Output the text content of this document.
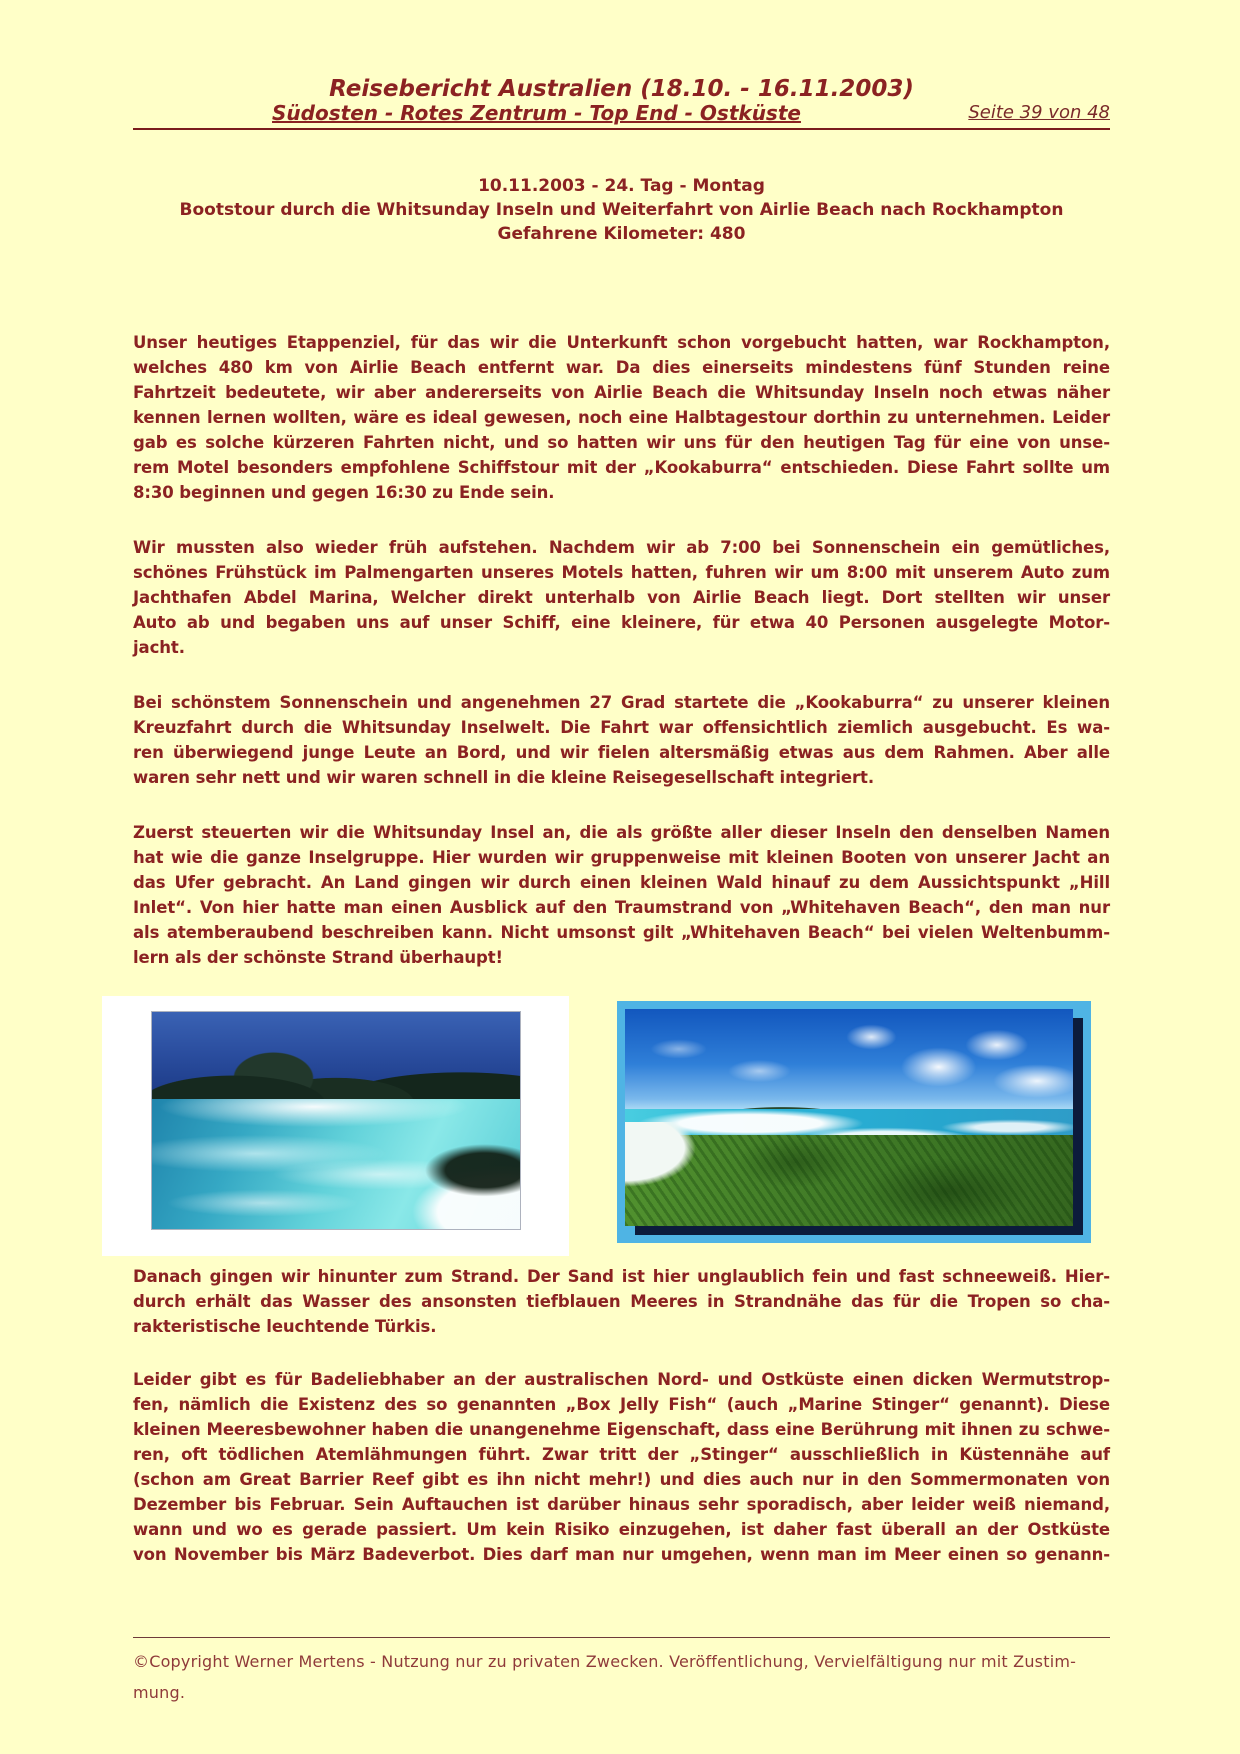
Reisebericht Australien (18.10. - 16.11.2003)
Südosten - Rotes Zentrum - Top End - Ostküste	Seite 39 von 48
10.11.2003 - 24. Tag - Montag
Bootstour durch die Whitsunday Inseln und Weiterfahrt von Airlie Beach nach Rockhampton
Gefahrene Kilometer: 480
Unser heutiges Etappenziel, für das wir die Unterkunft schon vorgebucht hatten, war Rockhampton,
welches 480 km von Airlie Beach entfernt war. Da dies einerseits mindestens fünf Stunden reine
Fahrtzeit bedeutete, wir aber andererseits von Airlie Beach die Whitsunday Inseln noch etwas näher
kennen lernen wollten, wäre es ideal gewesen, noch eine Halbtagestour dorthin zu unternehmen. Leider
gab es solche kürzeren Fahrten nicht, und so hatten wir uns für den heutigen Tag für eine von unse-
rem Motel besonders empfohlene Schiffstour mit der „Kookaburra“ entschieden. Diese Fahrt sollte um
8:30 beginnen und gegen 16:30 zu Ende sein.
Wir mussten also wieder früh aufstehen. Nachdem wir ab 7:00 bei Sonnenschein ein gemütliches,
schönes Frühstück im Palmengarten unseres Motels hatten, fuhren wir um 8:00 mit unserem Auto zum
Jachthafen Abdel Marina, Welcher direkt unterhalb von Airlie Beach liegt. Dort stellten wir unser
Auto ab und begaben uns auf unser Schiff, eine kleinere, für etwa 40 Personen ausgelegte Motor-
jacht.
Bei schönstem Sonnenschein und angenehmen 27 Grad startete die „Kookaburra“ zu unserer kleinen
Kreuzfahrt durch die Whitsunday Inselwelt. Die Fahrt war offensichtlich ziemlich ausgebucht. Es wa-
ren überwiegend junge Leute an Bord, und wir fielen altersmäßig etwas aus dem Rahmen. Aber alle
waren sehr nett und wir waren schnell in die kleine Reisegesellschaft integriert.
Zuerst steuerten wir die Whitsunday Insel an, die als größte aller dieser Inseln den denselben Namen
hat wie die ganze Inselgruppe. Hier wurden wir gruppenweise mit kleinen Booten von unserer Jacht an
das Ufer gebracht. An Land gingen wir durch einen kleinen Wald hinauf zu dem Aussichtspunkt „Hill
Inlet“. Von hier hatte man einen Ausblick auf den Traumstrand von „Whitehaven Beach“, den man nur
als atemberaubend beschreiben kann. Nicht umsonst gilt „Whitehaven Beach“ bei vielen Weltenbumm-
lern als der schönste Strand überhaupt!
Danach gingen wir hinunter zum Strand. Der Sand ist hier unglaublich fein und fast schneeweiß. Hier-
durch erhält das Wasser des ansonsten tiefblauen Meeres in Strandnähe das für die Tropen so cha-
rakteristische leuchtende Türkis.
Leider gibt es für Badeliebhaber an der australischen Nord- und Ostküste einen dicken Wermutstrop-
fen, nämlich die Existenz des so genannten „Box Jelly Fish“ (auch „Marine Stinger“ genannt). Diese
kleinen Meeresbewohner haben die unangenehme Eigenschaft, dass eine Berührung mit ihnen zu schwe-
ren, oft tödlichen Atemlähmungen führt. Zwar tritt der „Stinger“ ausschließlich in Küstennähe auf
(schon am Great Barrier Reef gibt es ihn nicht mehr!) und dies auch nur in den Sommermonaten von
Dezember bis Februar. Sein Auftauchen ist darüber hinaus sehr sporadisch, aber leider weiß niemand,
wann und wo es gerade passiert. Um kein Risiko einzugehen, ist daher fast überall an der Ostküste
von November bis März Badeverbot. Dies darf man nur umgehen, wenn man im Meer einen so genann-
©Copyright Werner Mertens - Nutzung nur zu privaten Zwecken. Veröffentlichung, Vervielfältigung nur mit Zustim-
mung.
